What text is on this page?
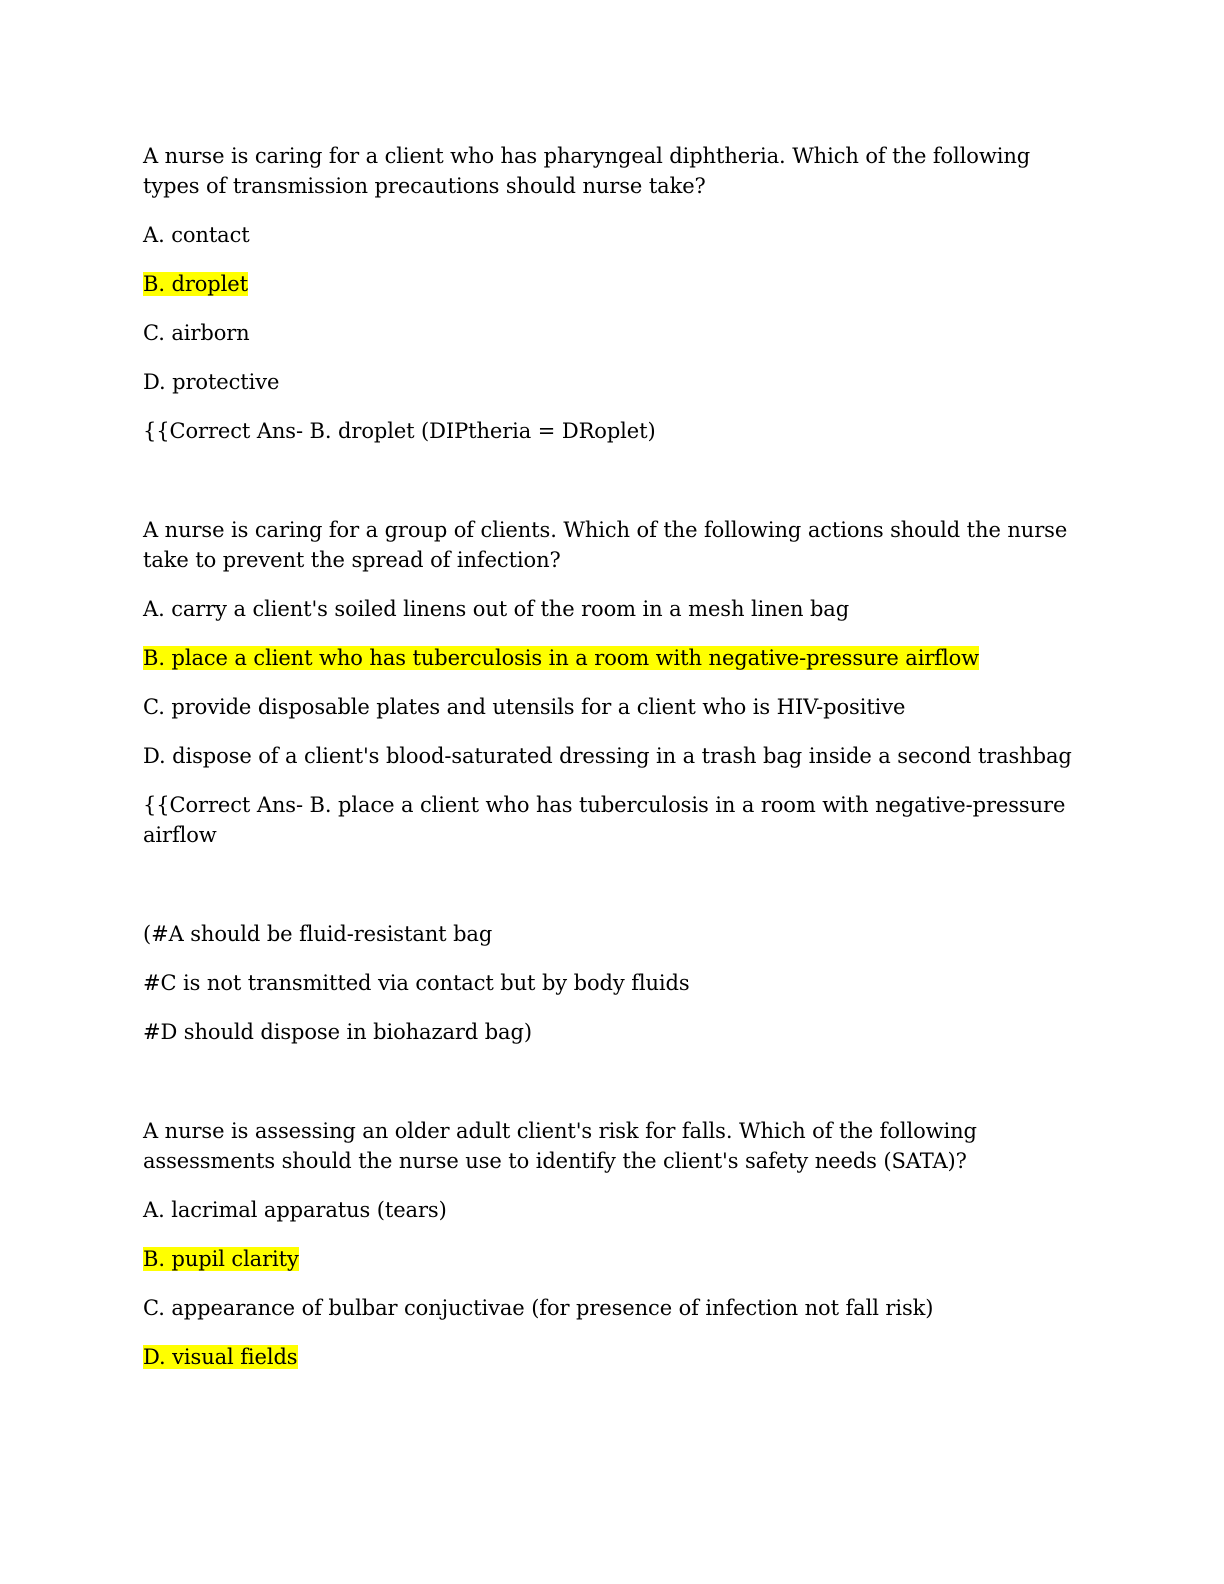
A nurse is caring for a client who has pharyngeal diphtheria. Which of the following types of transmission precautions should nurse take?

A. contact

B. droplet

C. airborn

D. protective

{{Correct Ans- B. droplet (DIPtheria = DRoplet)

A nurse is caring for a group of clients. Which of the following actions should the nurse take to prevent the spread of infection?

A. carry a client's soiled linens out of the room in a mesh linen bag

B. place a client who has tuberculosis in a room with negative-pressure airflow

C. provide disposable plates and utensils for a client who is HIV-positive

D. dispose of a client's blood-saturated dressing in a trash bag inside a second trashbag

{{Correct Ans- B. place a client who has tuberculosis in a room with negative-pressure airflow

(#A should be fluid-resistant bag

#C is not transmitted via contact but by body fluids

#D should dispose in biohazard bag)

A nurse is assessing an older adult client's risk for falls. Which of the following assessments should the nurse use to identify the client's safety needs (SATA)?

A. lacrimal apparatus (tears)

B. pupil clarity

C. appearance of bulbar conjuctivae (for presence of infection not fall risk)

D. visual fields
